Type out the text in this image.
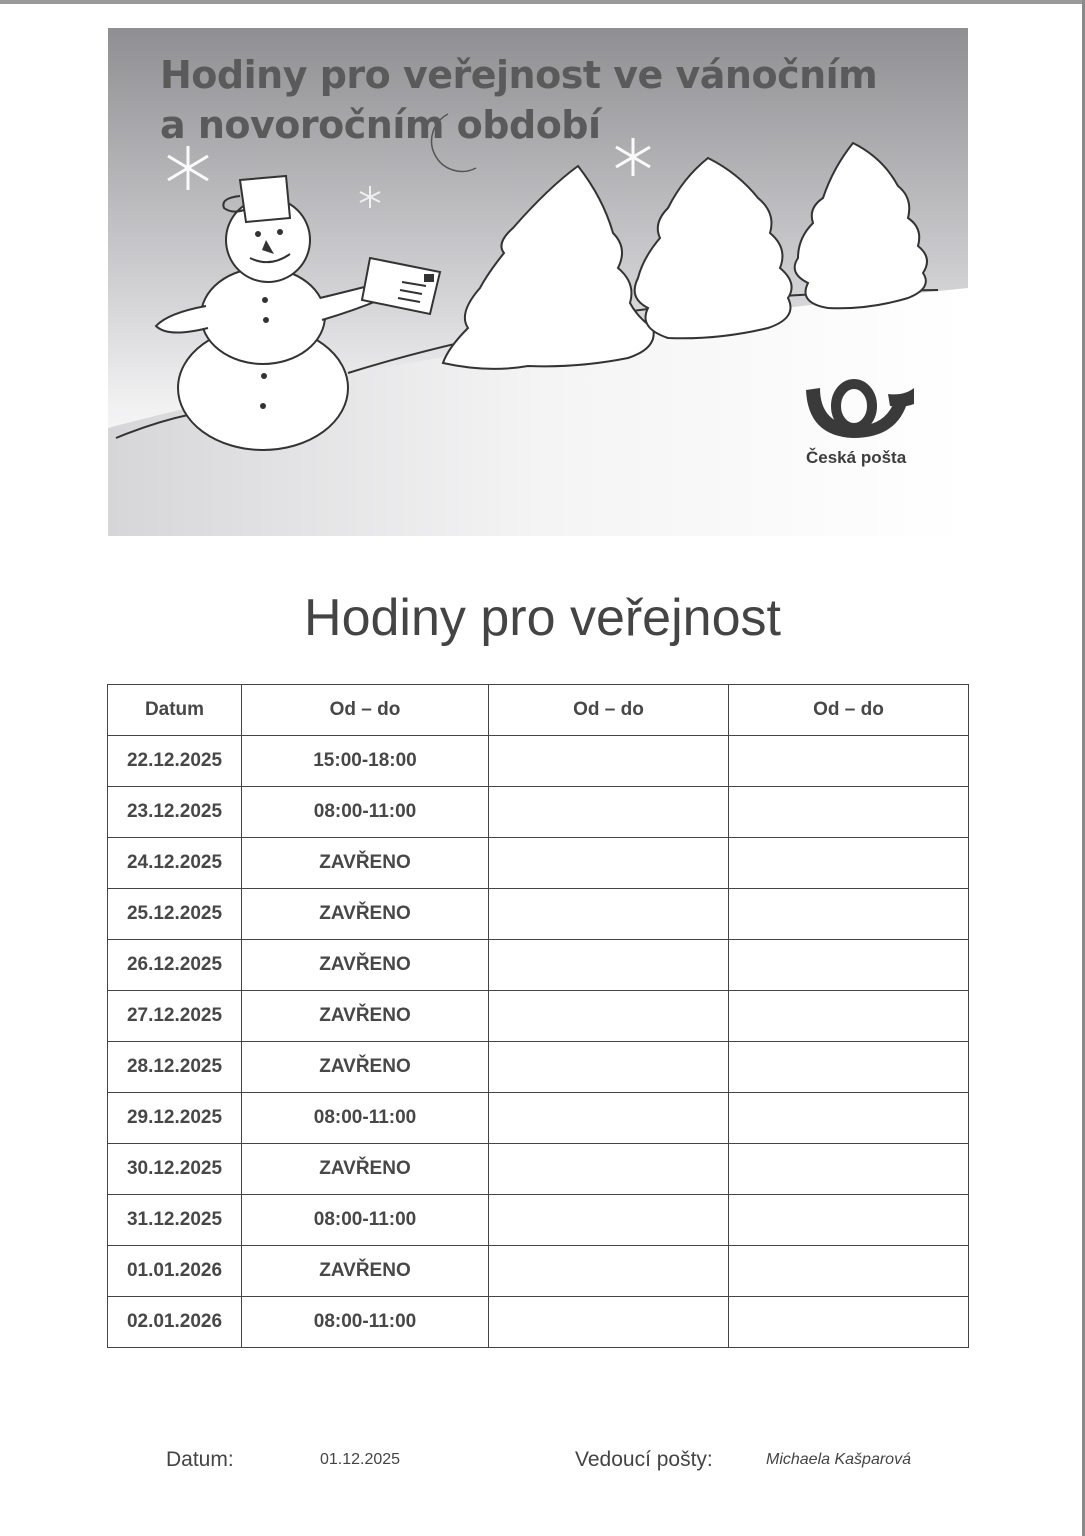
Hodiny pro veřejnost ve vánočním
a novoročním období
Česká pošta
Hodiny pro veřejnost
Datum	Od – do	Od – do	Od – do
22.12.2025	15:00-18:00		
23.12.2025	08:00-11:00		
24.12.2025	ZAVŘENO		
25.12.2025	ZAVŘENO		
26.12.2025	ZAVŘENO		
27.12.2025	ZAVŘENO		
28.12.2025	ZAVŘENO		
29.12.2025	08:00-11:00		
30.12.2025	ZAVŘENO		
31.12.2025	08:00-11:00		
01.01.2026	ZAVŘENO		
02.01.2026	08:00-11:00		
Datum:	01.12.2025	Vedoucí pošty:	Michaela Kašparová
